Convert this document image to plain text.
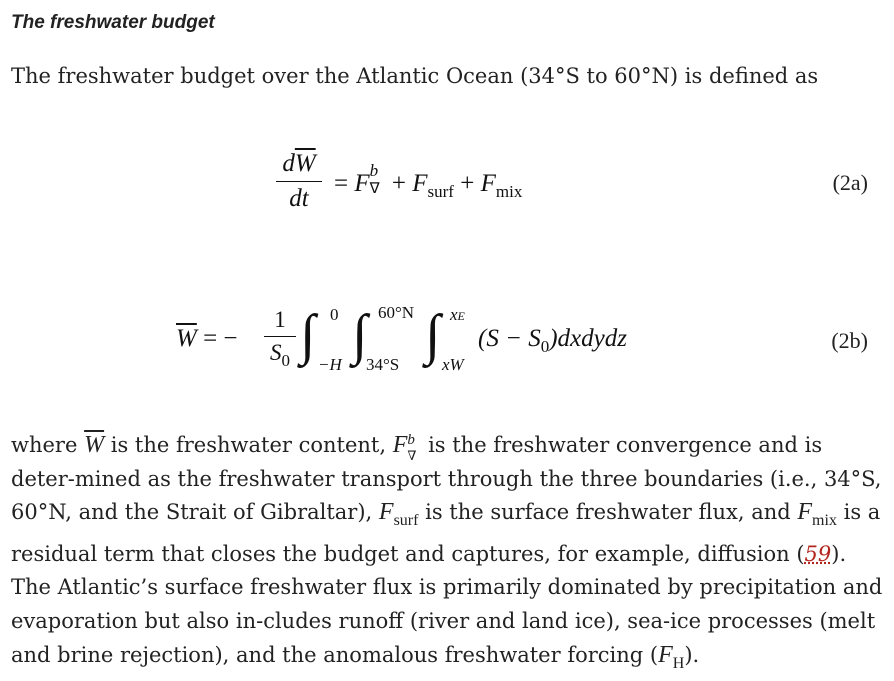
The freshwater budget
The freshwater budget over the Atlantic Ocean (34°S to 60°N) is defined as
$d\overline{W}$
dt
= F b
∇ + $F_{surf} + F_{mix}$	(2a)
$\overline{W}$ = −
1
$S_0$ ∫ 0
−H ∫ 60°N
34°S ∫ xE
xW
$(S - S_0)dxdydz$	(2b)
where $\overline{W}$ is the freshwater content, F b
∇ is the freshwater convergence and is deter-mined as the freshwater transport through the three boundaries (i.e., 34°S, 60°N, and the Strait of Gibraltar), $F_{surf}$ is the surface freshwater flux, and $F_{mix}$ is a residual term that closes the budget and captures, for example, diffusion (59). The Atlantic’s surface freshwater flux is primarily dominated by precipitation and evaporation but also in-cludes runoff (river and land ice), sea-ice processes (melt and brine rejection), and the anomalous freshwater forcing $(F_H)$.
